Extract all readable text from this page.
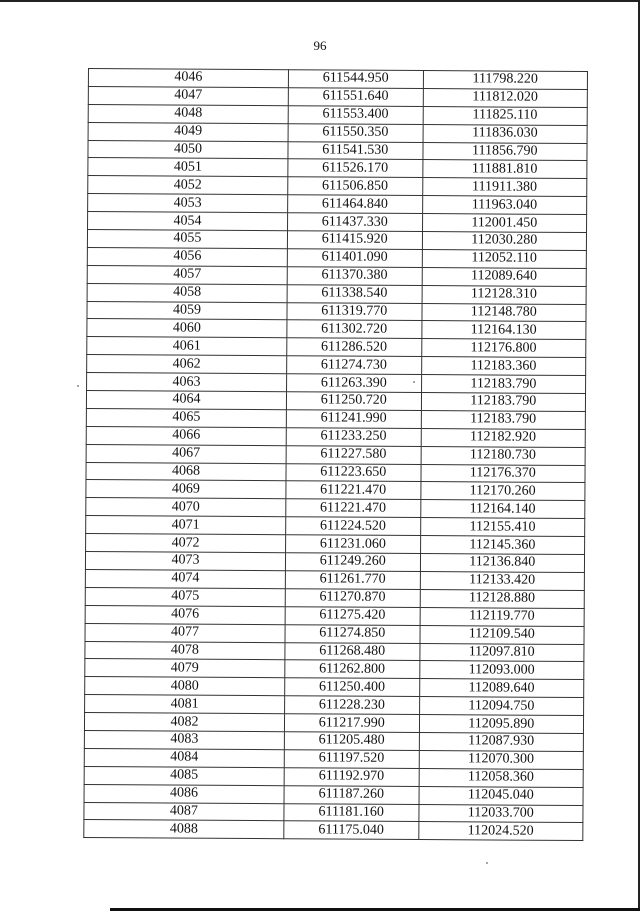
96
4046	611544.950	111798.220
4047	611551.640	111812.020
4048	611553.400	111825.110
4049	611550.350	111836.030
4050	611541.530	111856.790
4051	611526.170	111881.810
4052	611506.850	111911.380
4053	611464.840	111963.040
4054	611437.330	112001.450
4055	611415.920	112030.280
4056	611401.090	112052.110
4057	611370.380	112089.640
4058	611338.540	112128.310
4059	611319.770	112148.780
4060	611302.720	112164.130
4061	611286.520	112176.800
4062	611274.730	112183.360
4063	611263.390	112183.790
4064	611250.720	112183.790
4065	611241.990	112183.790
4066	611233.250	112182.920
4067	611227.580	112180.730
4068	611223.650	112176.370
4069	611221.470	112170.260
4070	611221.470	112164.140
4071	611224.520	112155.410
4072	611231.060	112145.360
4073	611249.260	112136.840
4074	611261.770	112133.420
4075	611270.870	112128.880
4076	611275.420	112119.770
4077	611274.850	112109.540
4078	611268.480	112097.810
4079	611262.800	112093.000
4080	611250.400	112089.640
4081	611228.230	112094.750
4082	611217.990	112095.890
4083	611205.480	112087.930
4084	611197.520	112070.300
4085	611192.970	112058.360
4086	611187.260	112045.040
4087	611181.160	112033.700
4088	611175.040	112024.520
